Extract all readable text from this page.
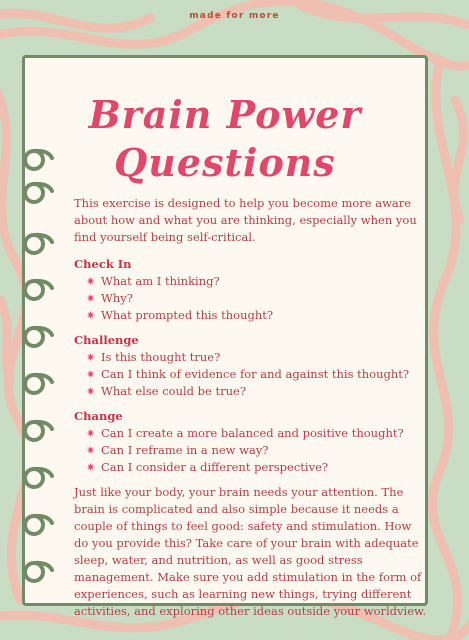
made for more
Brain Power
Questions

This exercise is designed to help you become more aware about how and what you are thinking, especially when you find yourself being self-critical.

Check In

✷ What am I thinking?
✷ Why?
✷ What prompted this thought?

Challenge

✷ Is this thought true?
✷ Can I think of evidence for and against this thought?
✷ What else could be true?

Change

✷ Can I create a more balanced and positive thought?
✷ Can I reframe in a new way?
✷ Can I consider a different perspective?

Just like your body, your brain needs your attention. The brain is complicated and also simple because it needs a couple of things to feel good: safety and stimulation. How do you provide this? Take care of your brain with adequate sleep, water, and nutrition, as well as good stress management. Make sure you add stimulation in the form of experiences, such as learning new things, trying different activities, and exploring other ideas outside your worldview.
